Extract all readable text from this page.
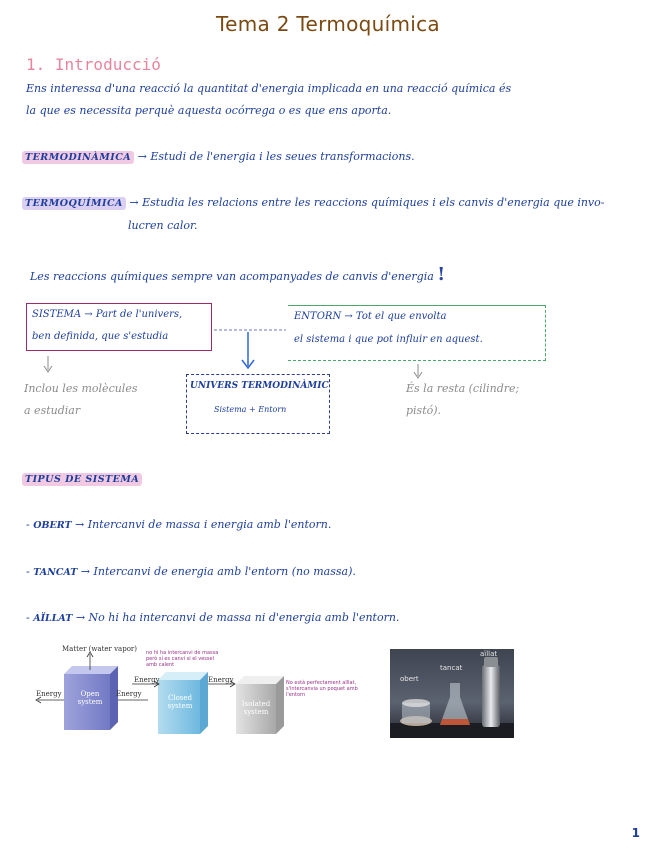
Tema 2 Termoquímica
1. Introducció
Ens interessa d'una reacció la quantitat d'energia implicada en una reacció química és
la que es necessita perquè aquesta ocórrega o es que ens aporta.
TERMODINÀMICA → Estudi de l'energia i les seues transformacions.
TERMOQUÍMICA → Estudia les relacions entre les reaccions químiques i els canvis d'energia que invo-
lucren calor.
Les reaccions químiques sempre van acompanyades de canvis d'energia !
SISTEMA → Part de l'univers,
ben definida, que s'estudia
ENTORN → Tot el que envolta
el sistema i que pot influir en aquest.
UNIVERS TERMODINÀMIC
Sistema + Entorn
Inclou les molècules
a estudiar
És la resta (cilindre;
pistó).
TIPUS DE SISTEMA
- OBERT → Intercanvi de massa i energia amb l'entorn.
- TANCAT → Intercanvi de energia amb l'entorn (no massa).
- AÏLLAT → No hi ha intercanvi de massa ni d'energia amb l'entorn.
Matter (water vapor)
Energy	Energy
Energy	Energy
Open
system	Closed
system	Isolated
system
no hi ha intercanvi de massa però sí es canvi si el vessel amb calent
No està perfectament aïllat, s'intercanvia un poquet amb l'entorn
obert
tancat
aïllat
1
